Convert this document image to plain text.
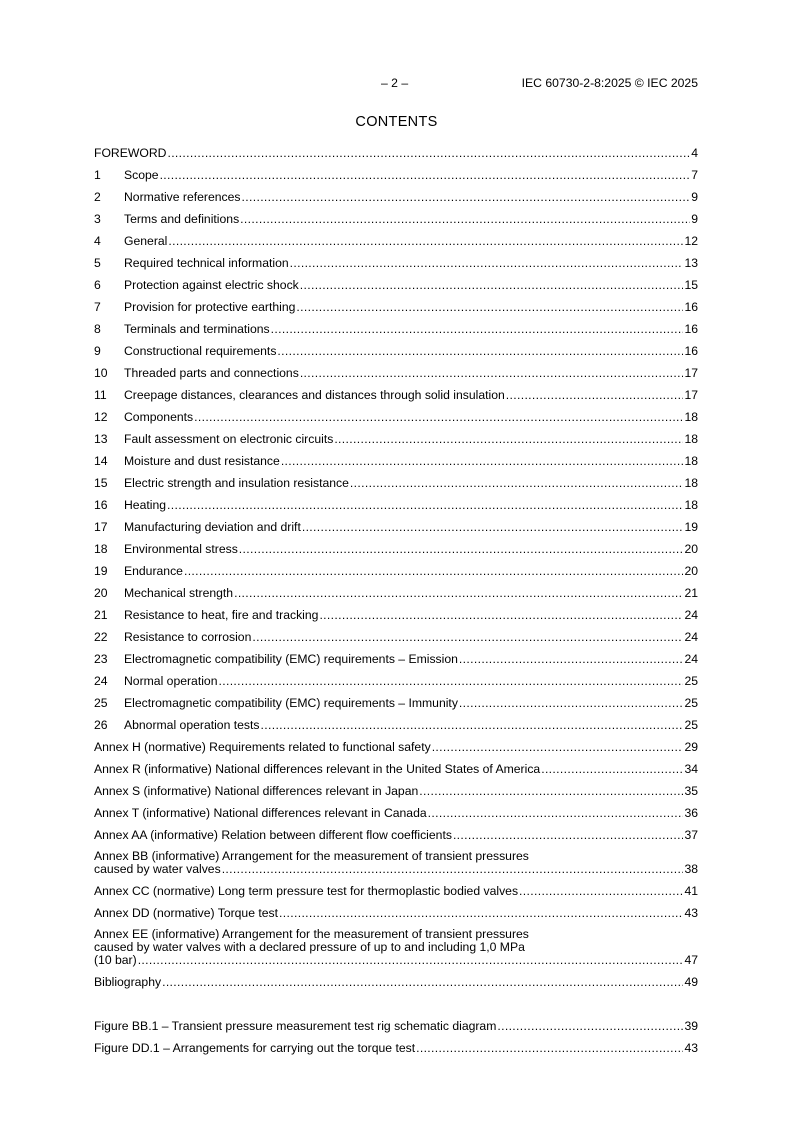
– 2 –	IEC 60730-2-8:2025 © IEC 2025
CONTENTS
FOREWORD .....	4
1	Scope .....	7
2	Normative references .....	9
3	Terms and definitions .....	9
4	General .....	12
5	Required technical information .....	13
6	Protection against electric shock .....	15
7	Provision for protective earthing .....	16
8	Terminals and terminations .....	16
9	Constructional requirements .....	16
10	Threaded parts and connections .....	17
11	Creepage distances, clearances and distances through solid insulation .....	17
12	Components .....	18
13	Fault assessment on electronic circuits .....	18
14	Moisture and dust resistance .....	18
15	Electric strength and insulation resistance .....	18
16	Heating .....	18
17	Manufacturing deviation and drift .....	19
18	Environmental stress .....	20
19	Endurance .....	20
20	Mechanical strength .....	21
21	Resistance to heat, fire and tracking .....	24
22	Resistance to corrosion .....	24
23	Electromagnetic compatibility (EMC) requirements – Emission .....	24
24	Normal operation .....	25
25	Electromagnetic compatibility (EMC) requirements – Immunity .....	25
26	Abnormal operation tests .....	25
Annex H (normative) Requirements related to functional safety .....	29
Annex R (informative) National differences relevant in the United States of America .....	34
Annex S (informative) National differences relevant in Japan .....	35
Annex T (informative) National differences relevant in Canada .....	36
Annex AA (informative) Relation between different flow coefficients .....	37
Annex BB (informative) Arrangement for the measurement of transient pressures
caused by water valves .....	38
Annex CC (normative) Long term pressure test for thermoplastic bodied valves .....	41
Annex DD (normative) Torque test .....	43
Annex EE (informative) Arrangement for the measurement of transient pressures
caused by water valves with a declared pressure of up to and including 1,0 MPa
(10 bar) .....	47
Bibliography .....	49
Figure BB.1 – Transient pressure measurement test rig schematic diagram .....	39
Figure DD.1 – Arrangements for carrying out the torque test .....	43
